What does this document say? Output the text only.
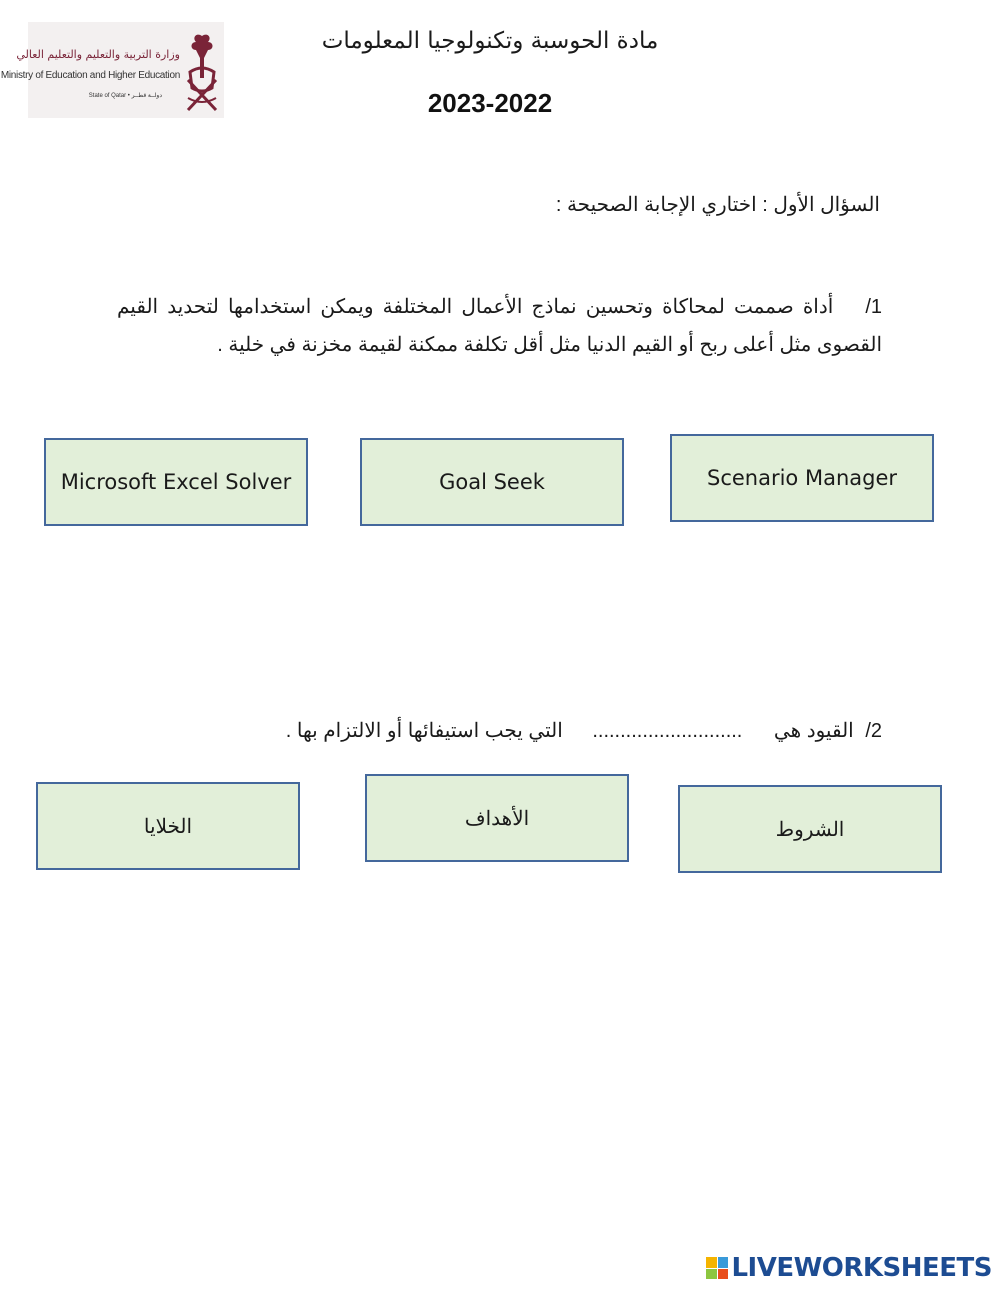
وزارة التربية والتعليم والتعليم العالي
Ministry of Education and Higher Education
State of Qatar • دولــة قطــر
مادة الحوسبة وتكنولوجيا المعلومات
2023-2022
السؤال الأول : اختاري الإجابة الصحيحة :
1/أداة صممت لمحاكاة وتحسين نماذج الأعمال المختلفة ويمكن استخدامها لتحديد القيم القصوى مثل أعلى ربح أو القيم الدنيا مثل أقل تكلفة ممكنة لقيمة مخزنة في خلية .
Microsoft Excel Solver	Goal Seek	Scenario Manager
2/ القيود هي ........................... التي يجب استيفائها أو الالتزام بها .
الخلايا	الأهداف	الشروط
LIVEWORKSHEETS
